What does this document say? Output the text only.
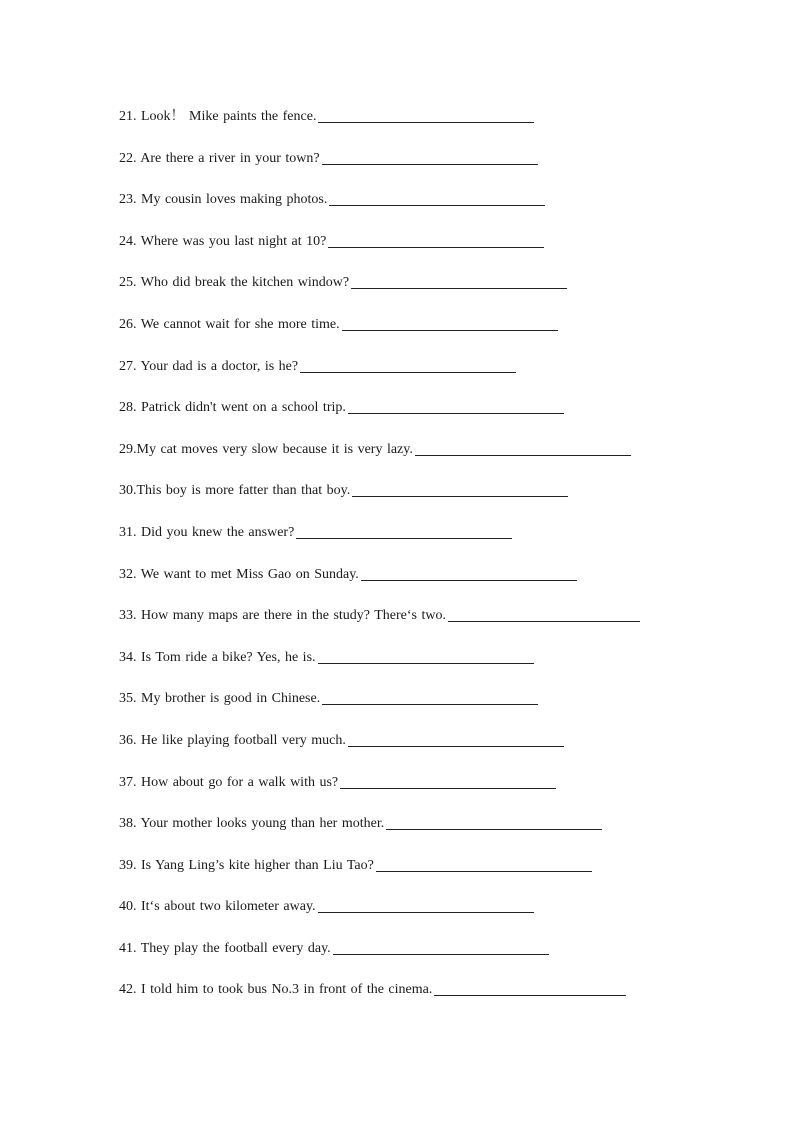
21. Look！ Mike paints the fence.
22. Are there a river in your town?
23. My cousin loves making photos.
24. Where was you last night at 10?
25. Who did break the kitchen window?
26. We cannot wait for she more time.
27. Your dad is a doctor, is he?
28. Patrick didn't went on a school trip.
29.My cat moves very slow because it is very lazy.
30.This boy is more fatter than that boy.
31. Did you knew the answer?
32. We want to met Miss Gao on Sunday.
33. How many maps are there in the study? There‘s two.
34. Is Tom ride a bike? Yes, he is.
35. My brother is good in Chinese.
36. He like playing football very much.
37. How about go for a walk with us?
38. Your mother looks young than her mother.
39. Is Yang Ling’s kite higher than Liu Tao?
40. It‘s about two kilometer away.
41. They play the football every day.
42. I told him to took bus No.3 in front of the cinema.
